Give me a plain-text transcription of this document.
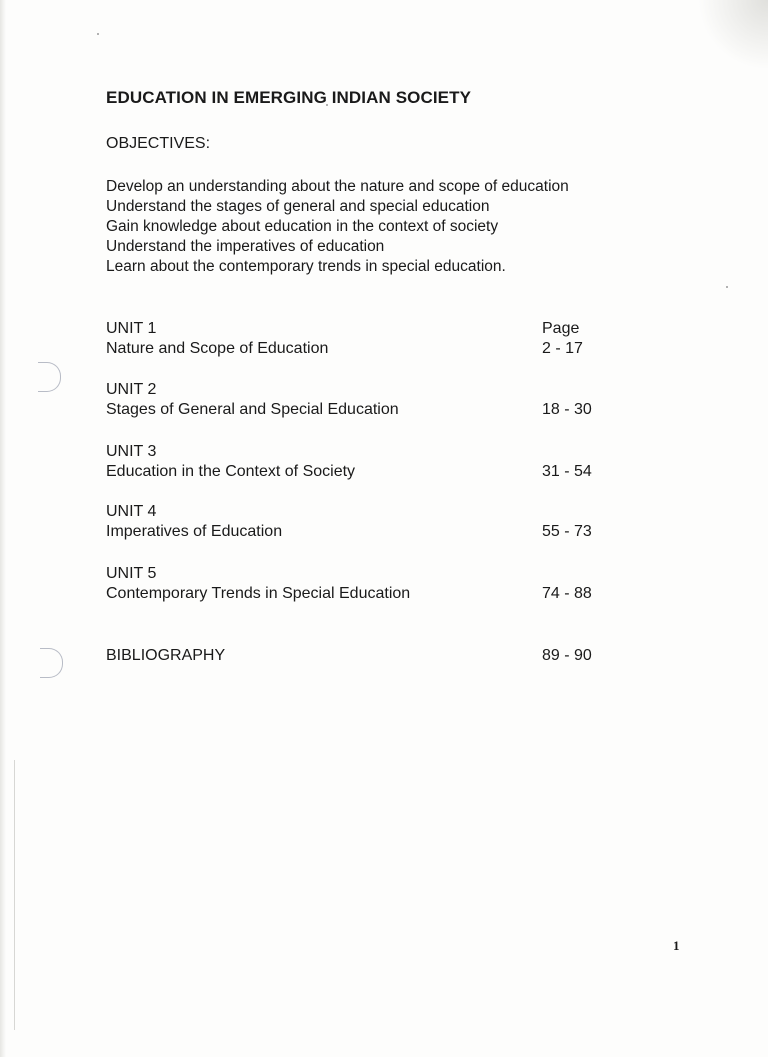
EDUCATION IN EMERGING INDIAN SOCIETY

OBJECTIVES:

Develop an understanding about the nature and scope of education
Understand the stages of general and special education
Gain knowledge about education in the context of society
Understand the imperatives of education
Learn about the contemporary trends in special education.
UNIT 1	Page
Nature and Scope of Education	2 - 17
UNIT 2
Stages of General and Special Education	18 - 30
UNIT 3
Education in the Context of Society	31 - 54
UNIT 4
Imperatives of Education	55 - 73
UNIT 5
Contemporary Trends in Special Education	74 - 88
BIBLIOGRAPHY	89 - 90
1
